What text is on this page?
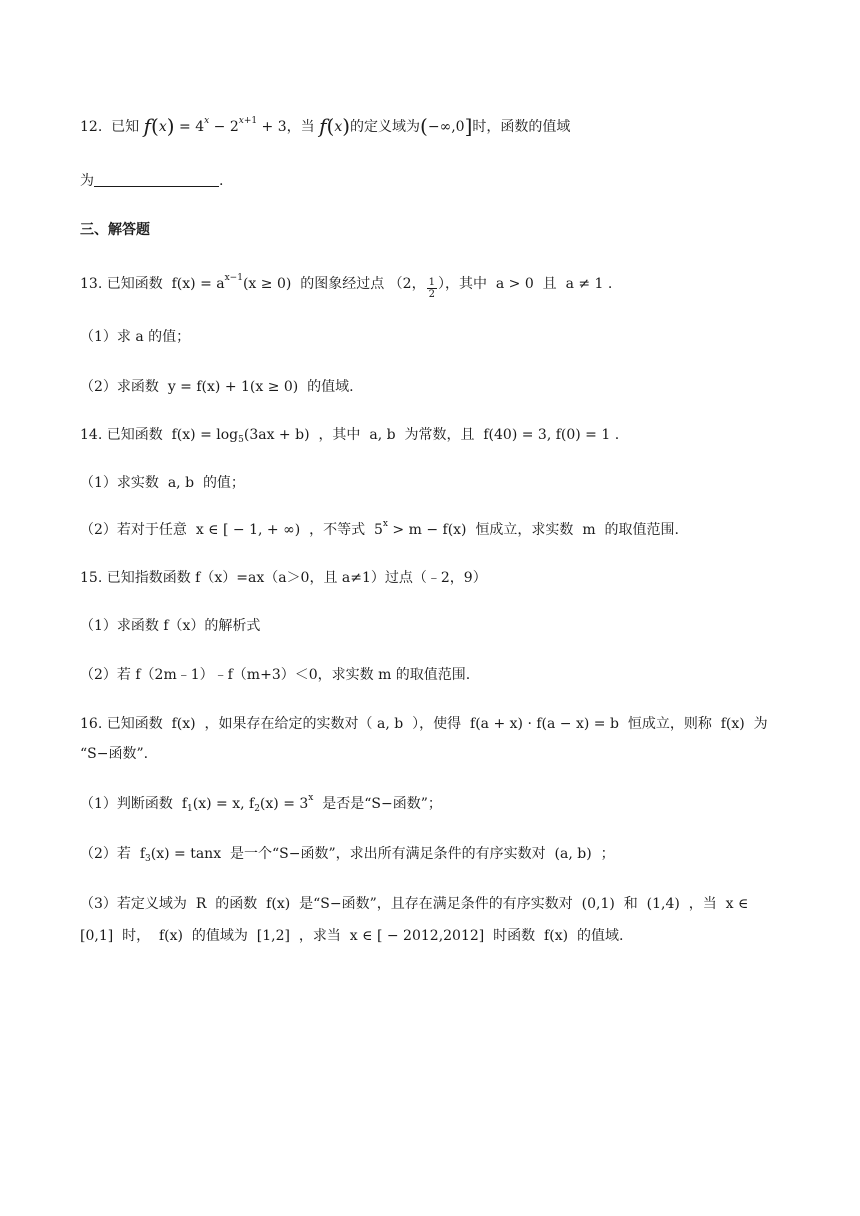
12. 已知 $f(x) = 4^x - 2^{x+1} + 3$，当 f(x)的定义域为(−∞,0]时，函数的值域
为	.
三、解答题
13. 已知函数  $f(x) = a^{x-1}(x \ge 0)$  的图象经过点 （2， $\frac{1}{2}$ ），其中  a > 0  且  a ≠ 1 .
（1）求 a 的值；
（2）求函数  y = f(x) + 1(x ≥ 0)  的值域.
14. 已知函数  $f(x) = \log_5(3ax + b)$  ，其中  a, b  为常数，且  f(40) = 3, f(0) = 1 .
（1）求实数  a, b  的值；
（2）若对于任意  x ∈ [ − 1, + ∞)  ，不等式  $5^x > m - f(x)$  恒成立，求实数  m  的取值范围.
15. 已知指数函数 f（x）=ax（a＞0，且 a≠1）过点（﹣2，9）
（1）求函数 f（x）的解析式
（2）若 f（2m﹣1）﹣f（m+3）＜0，求实数 m 的取值范围.
16. 已知函数  f(x)  ，如果存在给定的实数对（ a, b  ），使得  f(a + x) · f(a − x) = b  恒成立，则称  f(x)  为
“S−函数”.
（1）判断函数  $f_1(x) = x$, $f_2(x) = 3^x$ 是否是“S−函数”；
（2）若  $f_3(x) = \tan x$  是一个“S−函数”，求出所有满足条件的有序实数对  (a, b)  ；
（3）若定义域为  R  的函数  f(x)  是“S−函数”，且存在满足条件的有序实数对  (0,1)  和  (1,4)  ，当  x ∈
[0,1]  时，  f(x)  的值域为  [1,2]  ，求当  x ∈ [ − 2012,2012]  时函数  f(x)  的值域.
